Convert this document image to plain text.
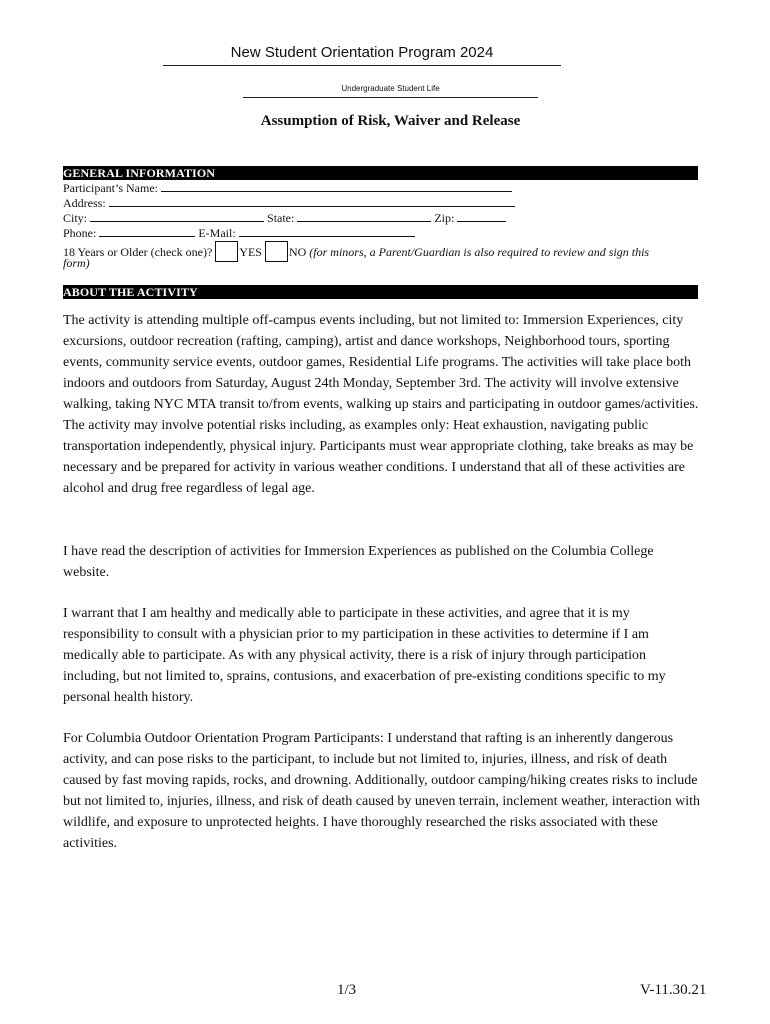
New Student Orientation Program 2024
Undergraduate Student Life
Assumption of Risk, Waiver and Release
GENERAL INFORMATION
Participant’s Name:
Address:
City:	State:	Zip:
Phone:	E-Mail:
18 Years or Older (check one)? YES NO (for minors, a Parent/Guardian is also required to review and sign this
form)
ABOUT THE ACTIVITY
The activity is attending multiple off-campus events including, but not limited to: Immersion Experiences, city excursions, outdoor recreation (rafting, camping), artist and dance workshops, Neighborhood tours, sporting events, community service events, outdoor games, Residential Life programs. The activities will take place both indoors and outdoors from Saturday, August 24th Monday, September 3rd. The activity will involve extensive walking, taking NYC MTA transit to/from events, walking up stairs and participating in outdoor games/activities. The activity may involve potential risks including, as examples only: Heat exhaustion, navigating public transportation independently, physical injury. Participants must wear appropriate clothing, take breaks as may be necessary and be prepared for activity in various weather conditions. I understand that all of these activities are alcohol and drug free regardless of legal age.
I have read the description of activities for Immersion Experiences as published on the Columbia College website.
I warrant that I am healthy and medically able to participate in these activities, and agree that it is my responsibility to consult with a physician prior to my participation in these activities to determine if I am medically able to participate. As with any physical activity, there is a risk of injury through participation including, but not limited to, sprains, contusions, and exacerbation of pre-existing conditions specific to my personal health history.
For Columbia Outdoor Orientation Program Participants: I understand that rafting is an inherently dangerous activity, and can pose risks to the participant, to include but not limited to, injuries, illness, and risk of death caused by fast moving rapids, rocks, and drowning. Additionally, outdoor camping/hiking creates risks to include but not limited to, injuries, illness, and risk of death caused by uneven terrain, inclement weather, interaction with wildlife, and exposure to unprotected heights. I have thoroughly researched the risks associated with these activities.
1/3	V-11.30.21
